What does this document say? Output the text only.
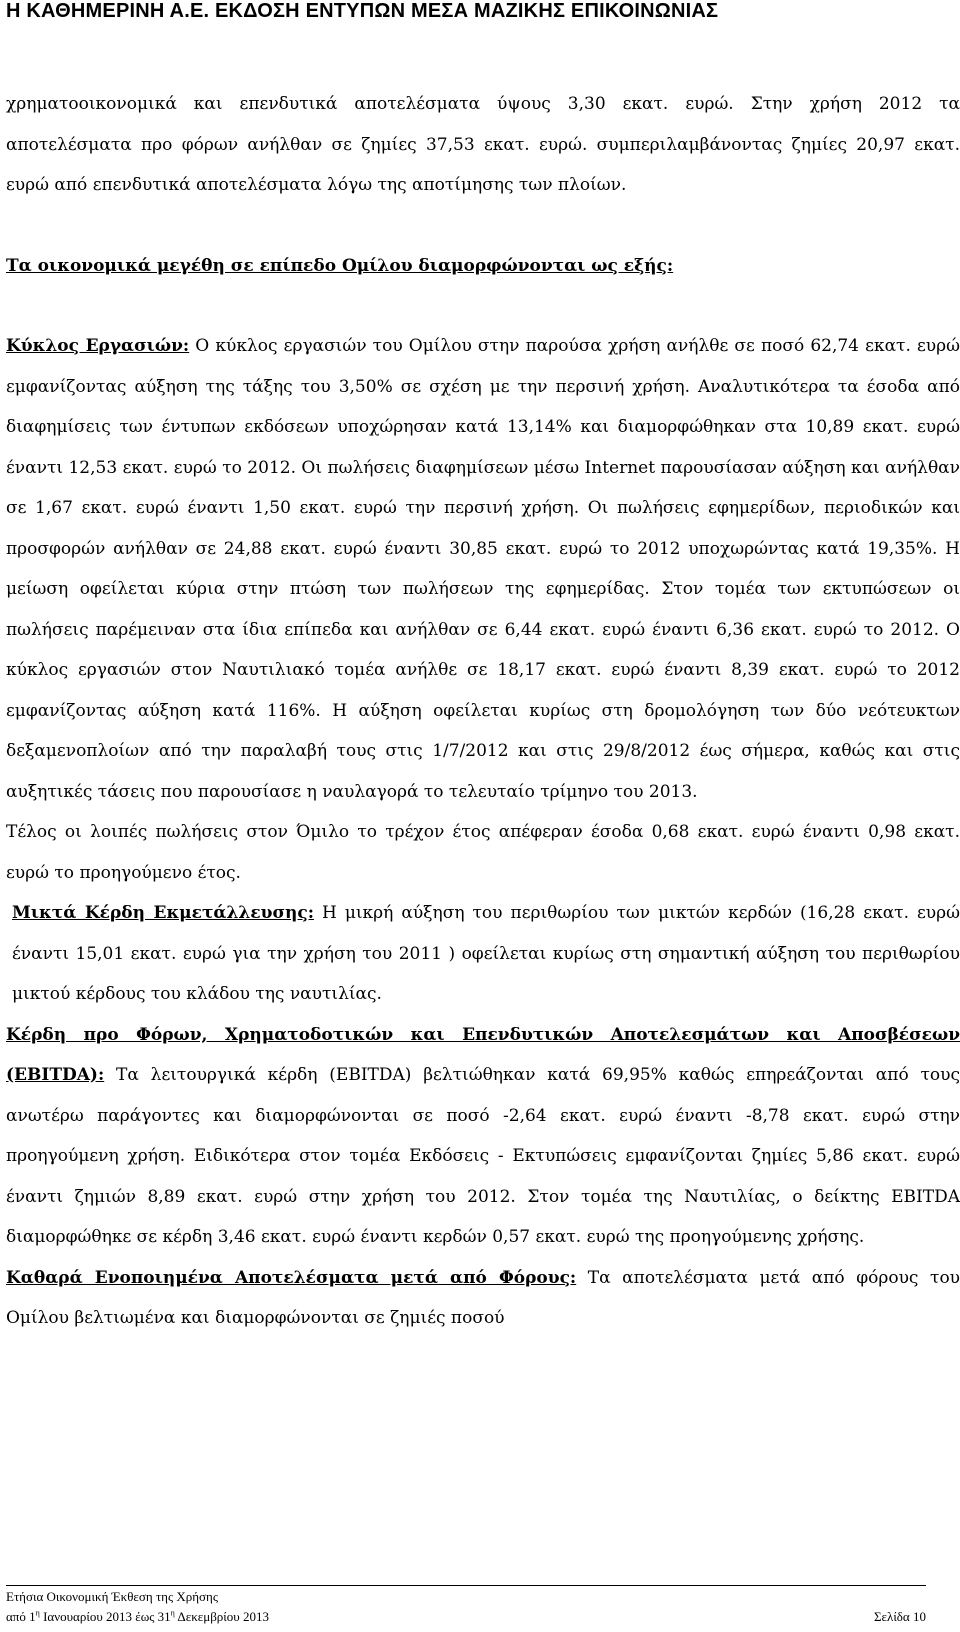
Η ΚΑΘΗΜΕΡΙΝΗ Α.Ε. ΕΚΔΟΣΗ ΕΝΤΥΠΩΝ ΜΕΣΑ ΜΑΖΙΚΗΣ ΕΠΙΚΟΙΝΩΝΙΑΣ

χρηματοοικονομικά και επενδυτικά αποτελέσματα ύψους 3,30 εκατ. ευρώ. Στην χρήση 2012 τα αποτελέσματα προ φόρων ανήλθαν σε ζημίες 37,53 εκατ. ευρώ. συμπεριλαμβάνοντας ζημίες 20,97 εκατ. ευρώ από επενδυτικά αποτελέσματα λόγω της αποτίμησης των πλοίων.

Τα οικονομικά μεγέθη σε επίπεδο Ομίλου διαμορφώνονται ως εξής:

Κύκλος Εργασιών: Ο κύκλος εργασιών του Ομίλου στην παρούσα χρήση ανήλθε σε ποσό 62,74 εκατ. ευρώ εμφανίζοντας αύξηση της τάξης του 3,50% σε σχέση με την περσινή χρήση. Αναλυτικότερα τα έσοδα από διαφημίσεις των έντυπων εκδόσεων υποχώρησαν κατά 13,14% και διαμορφώθηκαν στα 10,89 εκατ. ευρώ έναντι 12,53 εκατ. ευρώ το 2012. Οι πωλήσεις διαφημίσεων μέσω Internet παρουσίασαν αύξηση και ανήλθαν σε 1,67 εκατ. ευρώ έναντι 1,50 εκατ. ευρώ την περσινή χρήση. Οι πωλήσεις εφημερίδων, περιοδικών και προσφορών ανήλθαν σε 24,88 εκατ. ευρώ έναντι 30,85 εκατ. ευρώ το 2012 υποχωρώντας κατά 19,35%. Η μείωση οφείλεται κύρια στην πτώση των πωλήσεων της εφημερίδας. Στον τομέα των εκτυπώσεων οι πωλήσεις παρέμειναν στα ίδια επίπεδα και ανήλθαν σε 6,44 εκατ. ευρώ έναντι 6,36 εκατ. ευρώ το 2012. Ο κύκλος εργασιών στον Ναυτιλιακό τομέα ανήλθε σε 18,17 εκατ. ευρώ έναντι 8,39 εκατ. ευρώ το 2012 εμφανίζοντας αύξηση κατά 116%. Η αύξηση οφείλεται κυρίως στη δρομολόγηση των δύο νεότευκτων δεξαμενοπλοίων από την παραλαβή τους στις 1/7/2012 και στις 29/8/2012 έως σήμερα, καθώς και στις αυξητικές τάσεις που παρουσίασε η ναυλαγορά το τελευταίο τρίμηνο του 2013.

Τέλος οι λοιπές πωλήσεις στον Όμιλο το τρέχον έτος απέφεραν έσοδα 0,68 εκατ. ευρώ έναντι 0,98 εκατ. ευρώ το προηγούμενο έτος.

Μικτά Κέρδη Εκμετάλλευσης: Η μικρή αύξηση του περιθωρίου των μικτών κερδών (16,28 εκατ. ευρώ έναντι 15,01 εκατ. ευρώ για την χρήση του 2011 ) οφείλεται κυρίως στη σημαντική αύξηση του περιθωρίου μικτού κέρδους του κλάδου της ναυτιλίας.

Κέρδη προ Φόρων, Χρηματοδοτικών και Επενδυτικών Αποτελεσμάτων και Αποσβέσεων (EBITDA): Τα λειτουργικά κέρδη (EBITDA) βελτιώθηκαν κατά 69,95% καθώς επηρεάζονται από τους ανωτέρω παράγοντες και διαμορφώνονται σε ποσό -2,64 εκατ. ευρώ έναντι -8,78 εκατ. ευρώ στην προηγούμενη χρήση. Ειδικότερα στον τομέα Εκδόσεις - Εκτυπώσεις εμφανίζονται ζημίες 5,86 εκατ. ευρώ έναντι ζημιών 8,89 εκατ. ευρώ στην χρήση του 2012. Στον τομέα της Ναυτιλίας, ο δείκτης EBITDA διαμορφώθηκε σε κέρδη 3,46 εκατ. ευρώ έναντι κερδών 0,57 εκατ. ευρώ της προηγούμενης χρήσης.

Καθαρά Ενοποιημένα Αποτελέσματα μετά από Φόρους: Τα αποτελέσματα μετά από φόρους του Ομίλου βελτιωμένα και διαμορφώνονται σε ζημιές ποσού

Ετήσια Οικονομική Έκθεση της Χρήσης
από $1^\eta$ Ιανουαρίου 2013 έως $31^\eta$ Δεκεμβρίου 2013	Σελίδα 10
